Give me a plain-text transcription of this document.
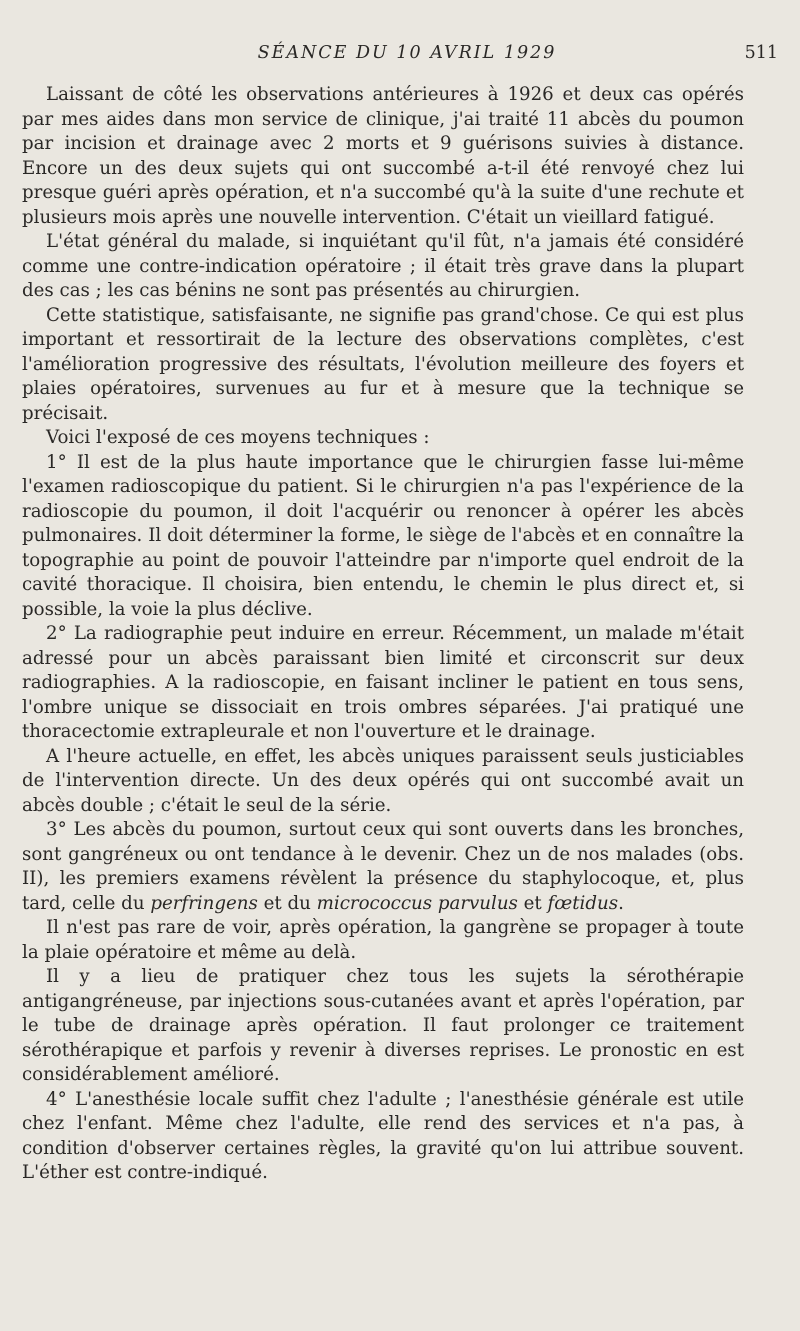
SÉANCE DU 10 AVRIL 1929	511

Laissant de côté les observations antérieures à 1926 et deux cas opérés par mes aides dans mon service de clinique, j'ai traité 11 abcès du poumon par incision et drainage avec 2 morts et 9 guérisons suivies à distance. Encore un des deux sujets qui ont succombé a-t-il été renvoyé chez lui presque guéri après opération, et n'a succombé qu'à la suite d'une rechute et plusieurs mois après une nouvelle intervention. C'était un vieillard fatigué.

L'état général du malade, si inquiétant qu'il fût, n'a jamais été considéré comme une contre-indication opératoire ; il était très grave dans la plupart des cas ; les cas bénins ne sont pas présentés au chirurgien.

Cette statistique, satisfaisante, ne signifie pas grand'chose. Ce qui est plus important et ressortirait de la lecture des observations complètes, c'est l'amélioration progressive des résultats, l'évolution meilleure des foyers et plaies opératoires, survenues au fur et à mesure que la technique se précisait.

Voici l'exposé de ces moyens techniques :

1° Il est de la plus haute importance que le chirurgien fasse lui-même l'examen radioscopique du patient. Si le chirurgien n'a pas l'expérience de la radioscopie du poumon, il doit l'acquérir ou renoncer à opérer les abcès pulmonaires. Il doit déterminer la forme, le siège de l'abcès et en connaître la topographie au point de pouvoir l'atteindre par n'importe quel endroit de la cavité thoracique. Il choisira, bien entendu, le chemin le plus direct et, si possible, la voie la plus déclive.

2° La radiographie peut induire en erreur. Récemment, un malade m'était adressé pour un abcès paraissant bien limité et circonscrit sur deux radiographies. A la radioscopie, en faisant incliner le patient en tous sens, l'ombre unique se dissociait en trois ombres séparées. J'ai pratiqué une thoracectomie extrapleurale et non l'ouverture et le drainage.

A l'heure actuelle, en effet, les abcès uniques paraissent seuls justiciables de l'intervention directe. Un des deux opérés qui ont succombé avait un abcès double ; c'était le seul de la série.

3° Les abcès du poumon, surtout ceux qui sont ouverts dans les bronches, sont gangréneux ou ont tendance à le devenir. Chez un de nos malades (obs. II), les premiers examens révèlent la présence du staphylocoque, et, plus tard, celle du perfringens et du micrococcus parvulus et fœtidus.

Il n'est pas rare de voir, après opération, la gangrène se propager à toute la plaie opératoire et même au delà.

Il y a lieu de pratiquer chez tous les sujets la sérothérapie antigangréneuse, par injections sous-cutanées avant et après l'opération, par le tube de drainage après opération. Il faut prolonger ce traitement sérothérapique et parfois y revenir à diverses reprises. Le pronostic en est considérablement amélioré.

4° L'anesthésie locale suffit chez l'adulte ; l'anesthésie générale est utile chez l'enfant. Même chez l'adulte, elle rend des services et n'a pas, à condition d'observer certaines règles, la gravité qu'on lui attribue souvent. L'éther est contre-indiqué.
